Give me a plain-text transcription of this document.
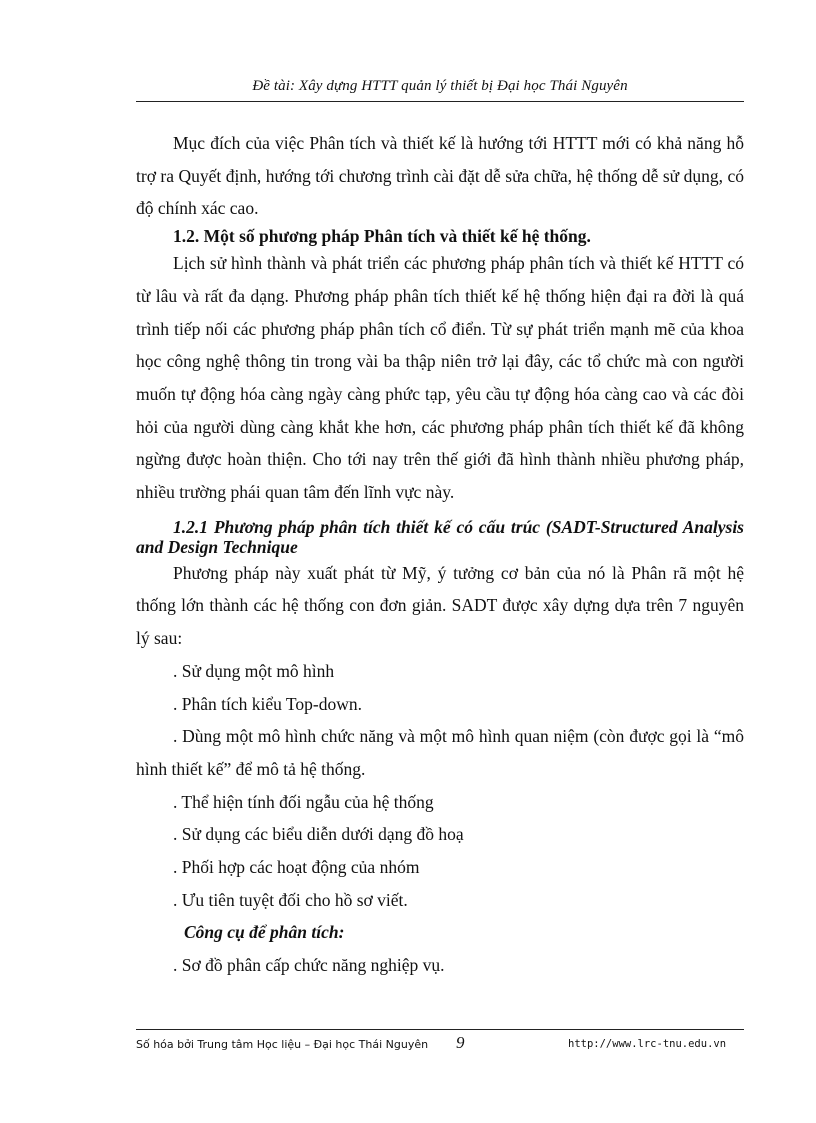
Đề tài: Xây dựng HTTT quản lý thiết bị Đại học Thái Nguyên

Mục đích của việc Phân tích và thiết kế là hướng tới HTTT mới có khả năng hỗ trợ ra Quyết định, hướng tới chương trình cài đặt dễ sửa chữa, hệ thống dễ sử dụng, có độ chính xác cao.

1.2. Một số phương pháp Phân tích và thiết kế hệ thống.

Lịch sử hình thành và phát triển các phương pháp phân tích và thiết kế HTTT có từ lâu và rất đa dạng. Phương pháp phân tích thiết kế hệ thống hiện đại ra đời là quá trình tiếp nối các phương pháp phân tích cổ điển. Từ sự phát triển mạnh mẽ của khoa học công nghệ thông tin trong vài ba thập niên trở lại đây, các tổ chức mà con người muốn tự động hóa càng ngày càng phức tạp, yêu cầu tự động hóa càng cao và các đòi hỏi của người dùng càng khắt khe hơn, các phương pháp phân tích thiết kế đã không ngừng được hoàn thiện. Cho tới nay trên thế giới đã hình thành nhiều phương pháp, nhiều trường phái quan tâm đến lĩnh vực này.

1.2.1 Phương pháp phân tích thiết kế có cấu trúc (SADT-Structured Analysis and Design Technique

Phương pháp này xuất phát từ Mỹ, ý tưởng cơ bản của nó là Phân rã một hệ thống lớn thành các hệ thống con đơn giản. SADT được xây dựng dựa trên 7 nguyên lý sau:

. Sử dụng một mô hình

. Phân tích kiểu Top-down.

. Dùng một mô hình chức năng và một mô hình quan niệm (còn được gọi là “mô hình thiết kế” để mô tả hệ thống.

. Thể hiện tính đối ngẫu của hệ thống

. Sử dụng các biểu diễn dưới dạng đồ hoạ

. Phối hợp các hoạt động của nhóm

. Ưu tiên tuyệt đối cho hồ sơ viết.

Công cụ để phân tích:

. Sơ đồ phân cấp chức năng nghiệp vụ.

Số hóa bởi Trung tâm Học liệu – Đại học Thái Nguyên 9	http://www.lrc-tnu.edu.vn
